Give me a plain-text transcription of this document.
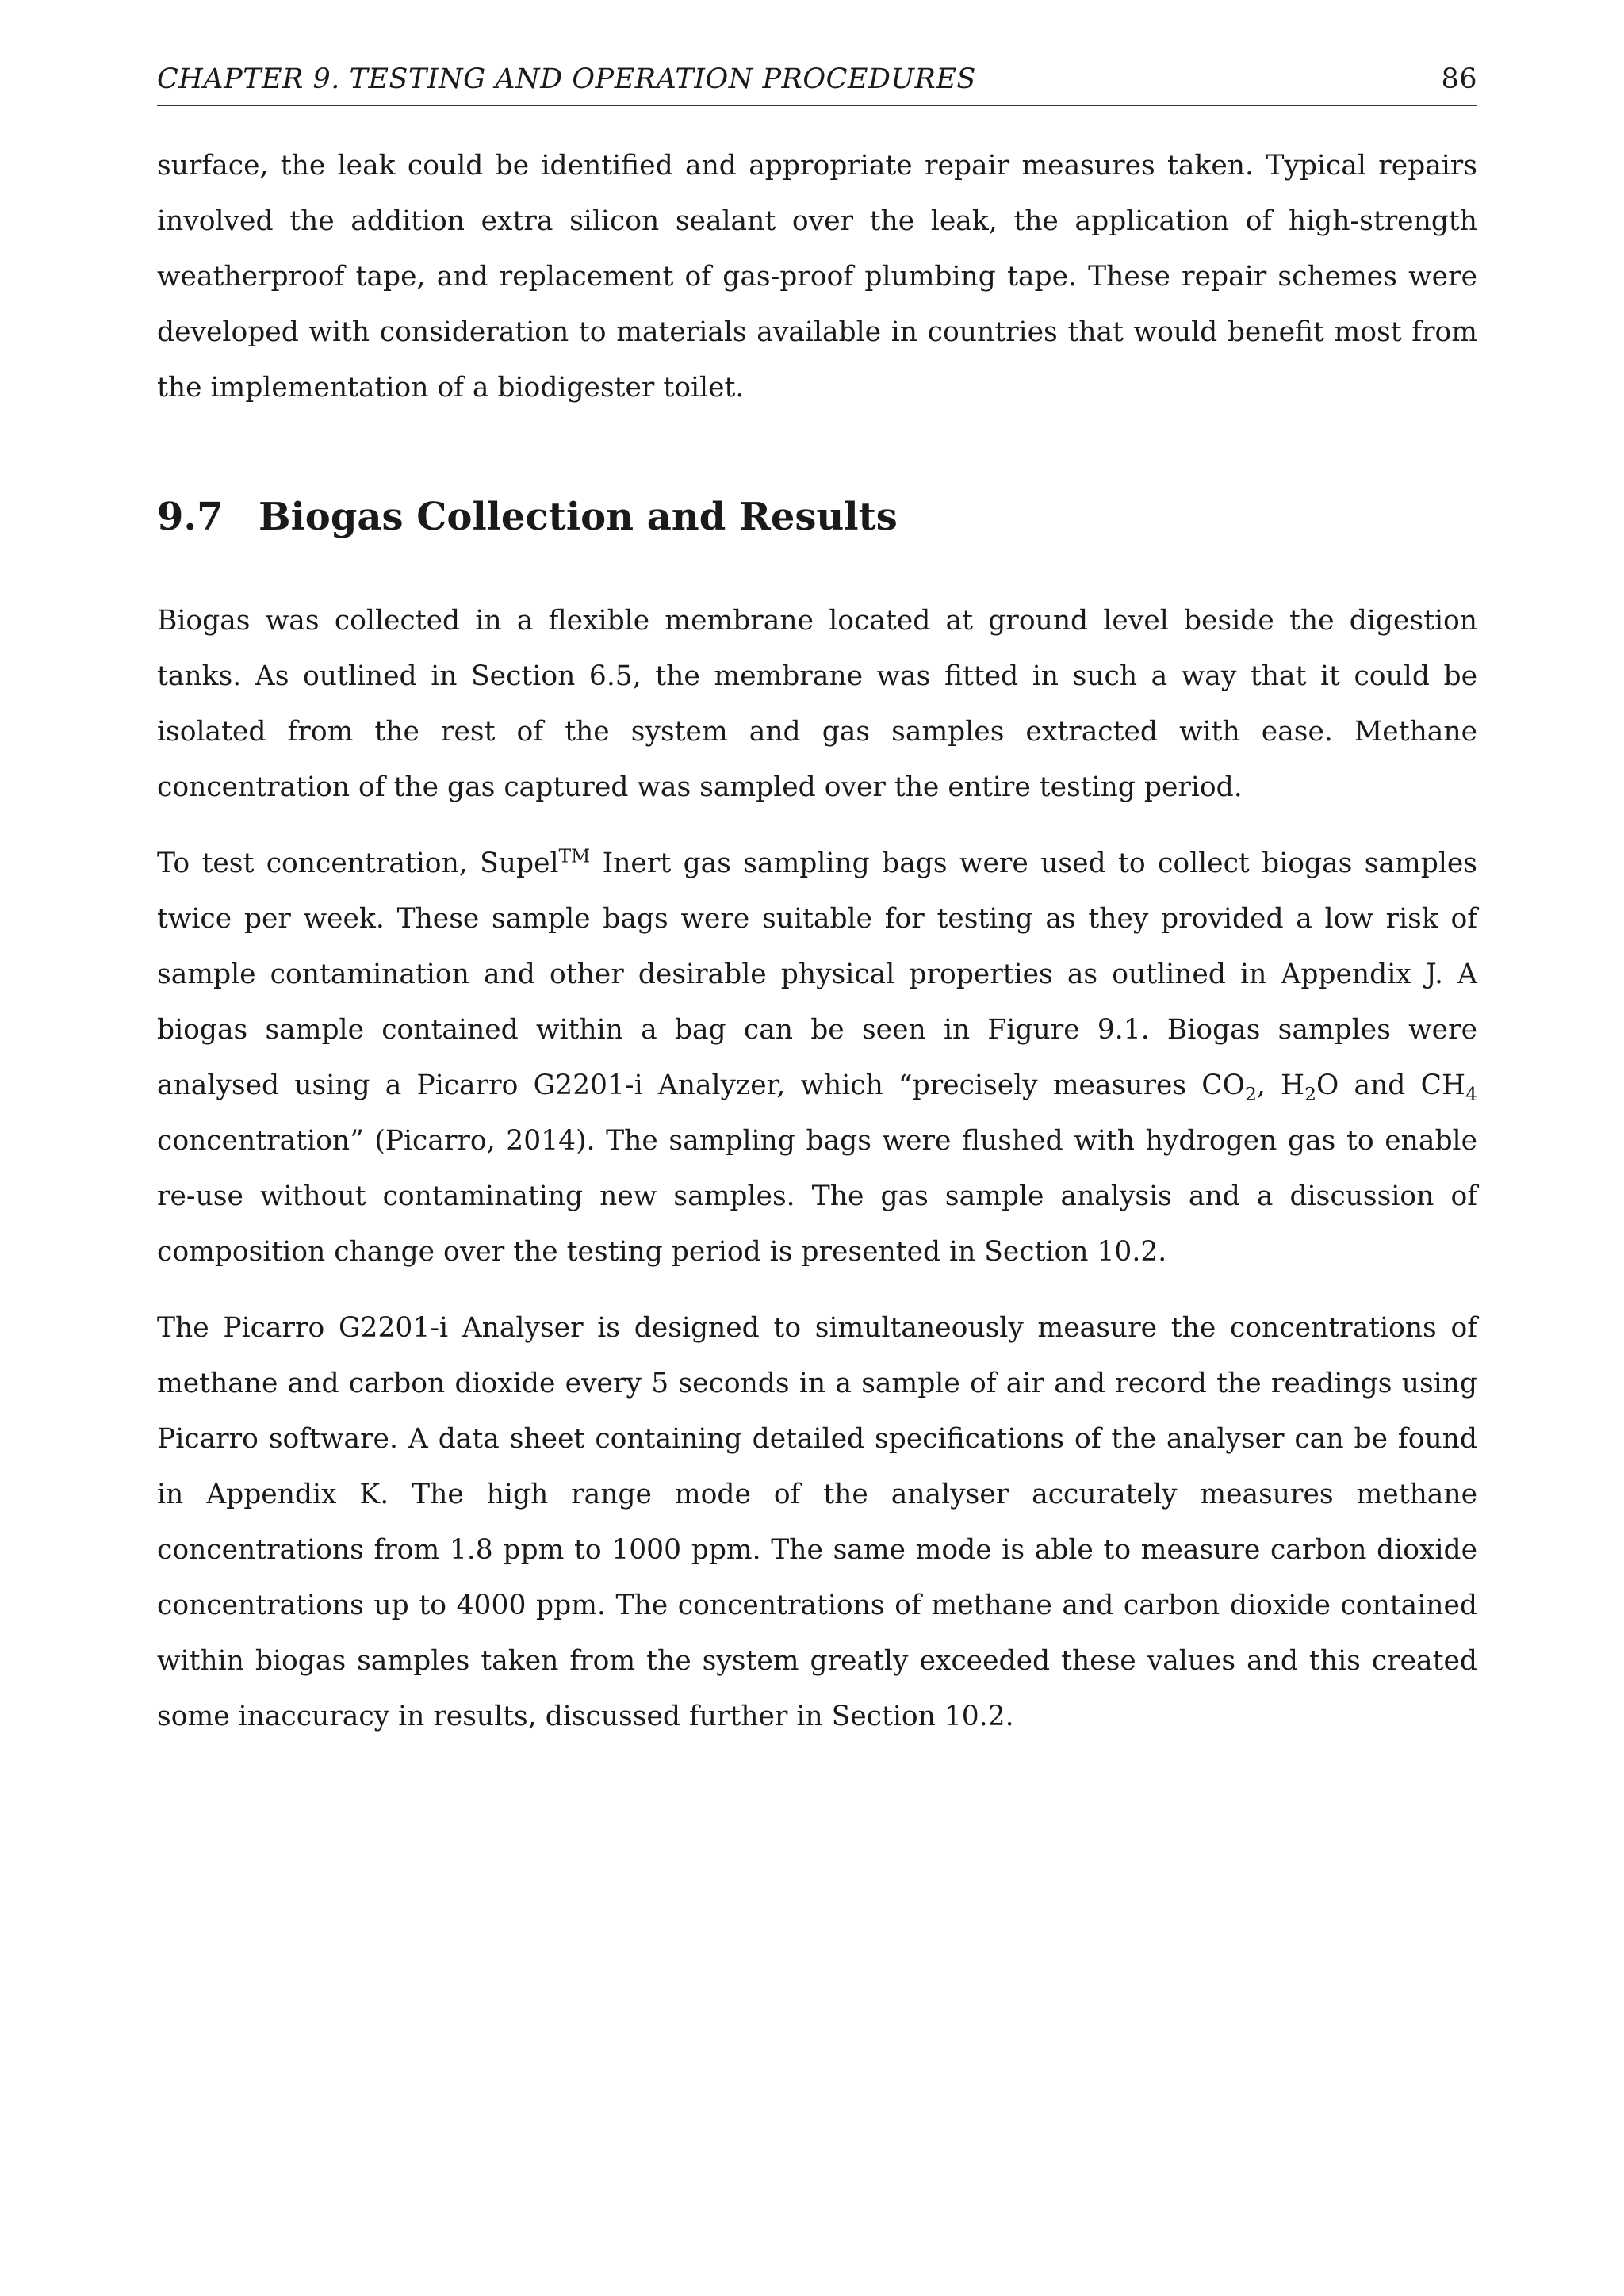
CHAPTER 9. TESTING AND OPERATION PROCEDURES	86

surface, the leak could be identified and appropriate repair measures taken. Typical repairs involved the addition extra silicon sealant over the leak, the application of high-strength weatherproof tape, and replacement of gas-proof plumbing tape. These repair schemes were developed with consideration to materials available in countries that would benefit most from the implementation of a biodigester toilet.

9.7 Biogas Collection and Results

Biogas was collected in a flexible membrane located at ground level beside the digestion tanks. As outlined in Section 6.5, the membrane was fitted in such a way that it could be isolated from the rest of the system and gas samples extracted with ease. Methane concentration of the gas captured was sampled over the entire testing period.

To test concentration, Supel™ Inert gas sampling bags were used to collect biogas samples twice per week. These sample bags were suitable for testing as they provided a low risk of sample contamination and other desirable physical properties as outlined in Appendix J. A biogas sample contained within a bag can be seen in Figure 9.1. Biogas samples were analysed using a Picarro G2201-i Analyzer, which “precisely measures $CO_2$, $H_2O$ and $CH_4$ concentration” (Picarro, 2014). The sampling bags were flushed with hydrogen gas to enable re-use without contaminating new samples. The gas sample analysis and a discussion of composition change over the testing period is presented in Section 10.2.

The Picarro G2201-i Analyser is designed to simultaneously measure the concentrations of methane and carbon dioxide every 5 seconds in a sample of air and record the readings using Picarro software. A data sheet containing detailed specifications of the analyser can be found in Appendix K. The high range mode of the analyser accurately measures methane concentrations from 1.8 ppm to 1000 ppm. The same mode is able to measure carbon dioxide concentrations up to 4000 ppm. The concentrations of methane and carbon dioxide contained within biogas samples taken from the system greatly exceeded these values and this created some inaccuracy in results, discussed further in Section 10.2.
